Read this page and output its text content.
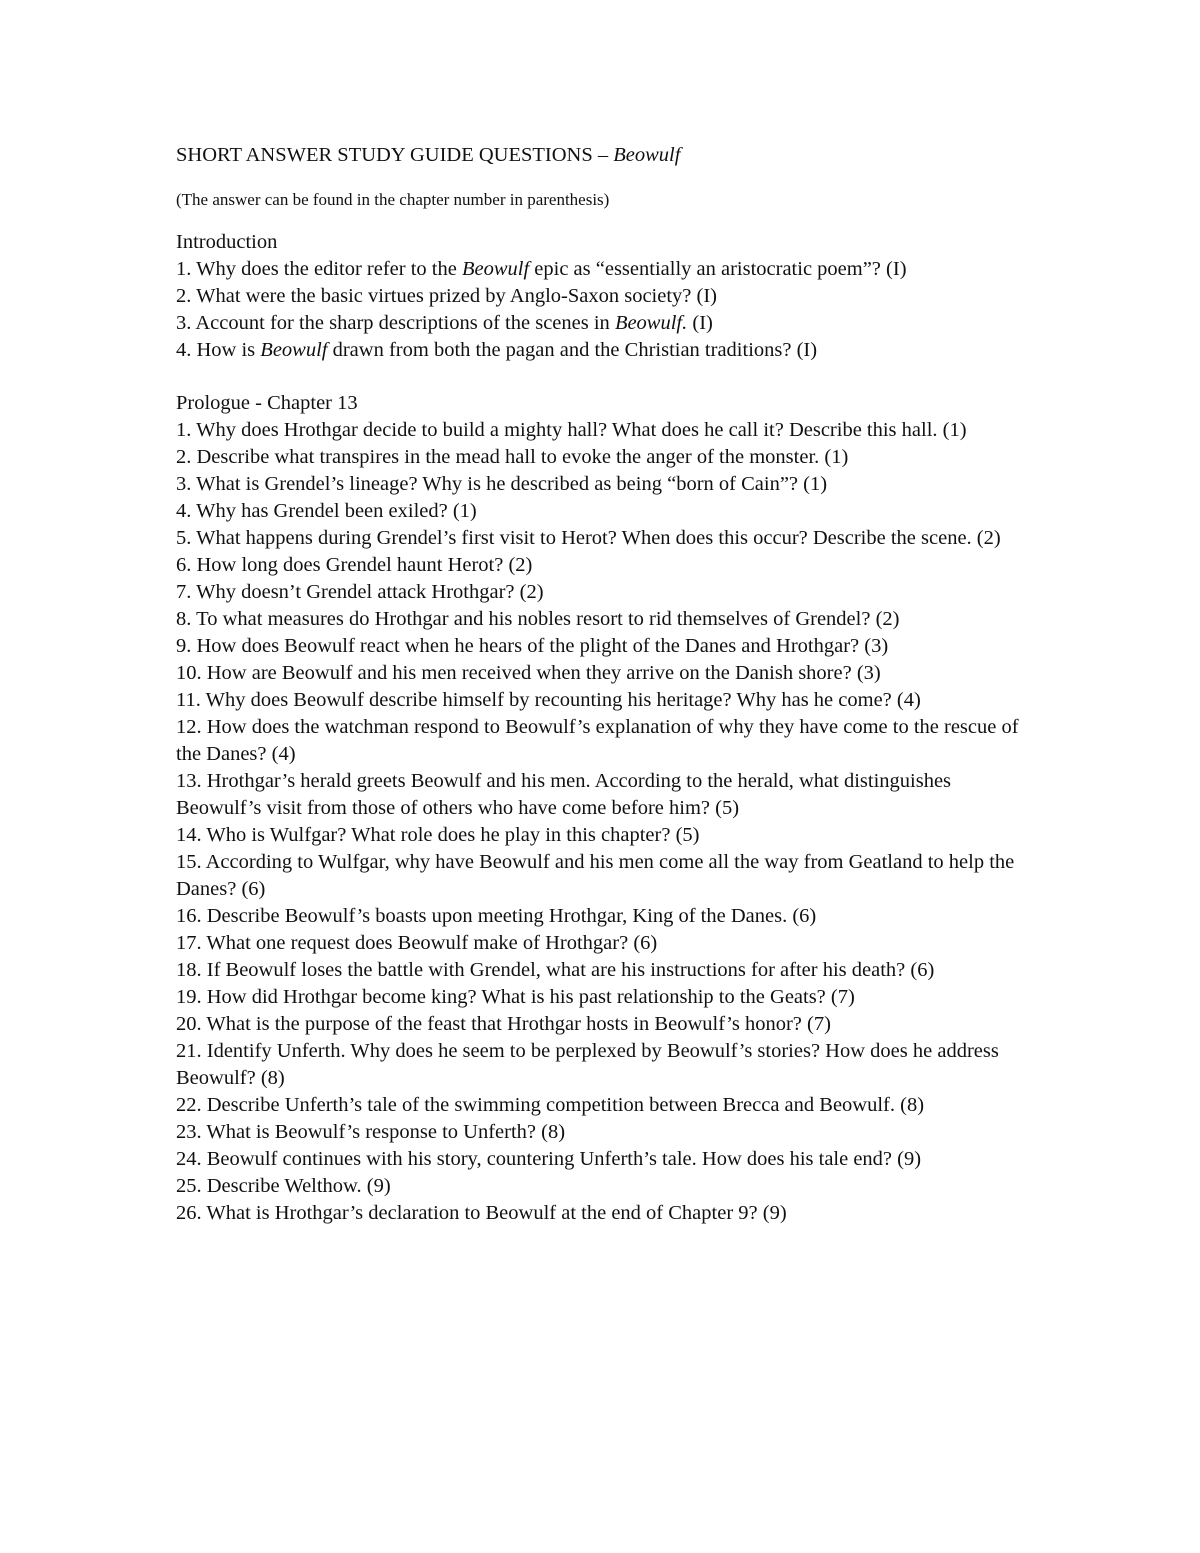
SHORT ANSWER STUDY GUIDE QUESTIONS – Beowulf

(The answer can be found in the chapter number in parenthesis)

Introduction

1. Why does the editor refer to the Beowulf epic as “essentially an aristocratic poem”? (I)

2. What were the basic virtues prized by Anglo-Saxon society? (I)

3. Account for the sharp descriptions of the scenes in Beowulf. (I)

4. How is Beowulf drawn from both the pagan and the Christian traditions? (I)

Prologue - Chapter 13

1. Why does Hrothgar decide to build a mighty hall? What does he call it? Describe this hall. (1)

2. Describe what transpires in the mead hall to evoke the anger of the monster. (1)

3. What is Grendel’s lineage? Why is he described as being “born of Cain”? (1)

4. Why has Grendel been exiled? (1)

5. What happens during Grendel’s first visit to Herot? When does this occur? Describe the scene. (2)

6. How long does Grendel haunt Herot? (2)

7. Why doesn’t Grendel attack Hrothgar? (2)

8. To what measures do Hrothgar and his nobles resort to rid themselves of Grendel? (2)

9. How does Beowulf react when he hears of the plight of the Danes and Hrothgar? (3)

10. How are Beowulf and his men received when they arrive on the Danish shore? (3)

11. Why does Beowulf describe himself by recounting his heritage? Why has he come? (4)

12. How does the watchman respond to Beowulf’s explanation of why they have come to the rescue of the Danes? (4)

13. Hrothgar’s herald greets Beowulf and his men. According to the herald, what distinguishes Beowulf’s visit from those of others who have come before him? (5)

14. Who is Wulfgar? What role does he play in this chapter? (5)

15. According to Wulfgar, why have Beowulf and his men come all the way from Geatland to help the Danes? (6)

16. Describe Beowulf’s boasts upon meeting Hrothgar, King of the Danes. (6)

17. What one request does Beowulf make of Hrothgar? (6)

18. If Beowulf loses the battle with Grendel, what are his instructions for after his death? (6)

19. How did Hrothgar become king? What is his past relationship to the Geats? (7)

20. What is the purpose of the feast that Hrothgar hosts in Beowulf’s honor? (7)

21. Identify Unferth. Why does he seem to be perplexed by Beowulf’s stories? How does he address Beowulf? (8)

22. Describe Unferth’s tale of the swimming competition between Brecca and Beowulf. (8)

23. What is Beowulf’s response to Unferth? (8)

24. Beowulf continues with his story, countering Unferth’s tale. How does his tale end? (9)

25. Describe Welthow. (9)

26. What is Hrothgar’s declaration to Beowulf at the end of Chapter 9? (9)
